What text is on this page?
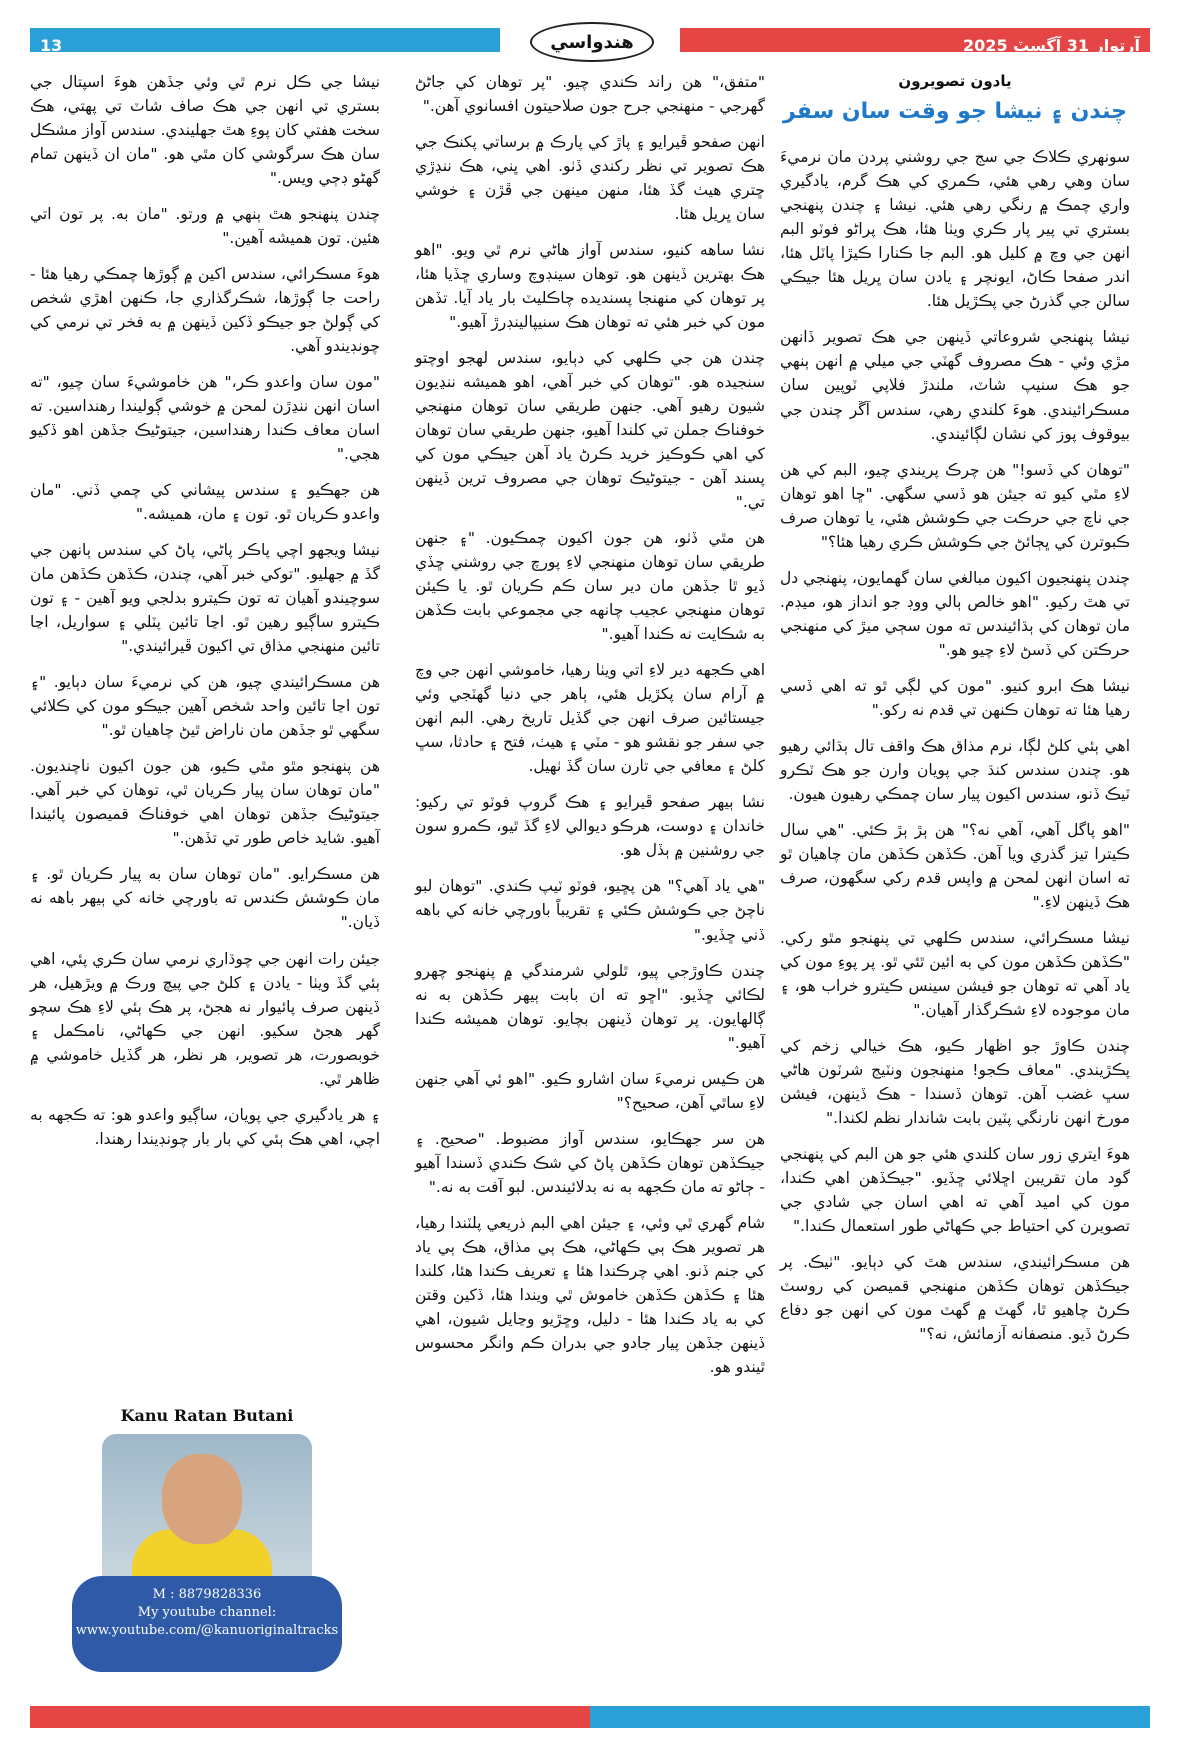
13	آرتوار 31 آگسٽ 2025
هندواسي
يادون تصويرون
چندن ۽ نيشا جو وقت سان سفر

سونهري ڪلاڪ جي سج جي روشني پردن مان نرميءَ سان وهي رهي هئي، ڪمري کي هڪ گرم، يادگيري واري چمڪ ۾ رنگي رهي هئي. نيشا ۽ چندن پنهنجي بستري تي پير پار ڪري ويٺا هئا، هڪ پراڻو فوٽو البم انهن جي وچ ۾ کليل هو. البم جا ڪنارا ڪيڙا پاٽل هئا، اندر صفحا ڪاڻ، ايونچر ۽ يادن سان ڀريل هئا جيڪي سالن جي گذرڻ جي پڪڙيل هئا.

نيشا پنهنجي شروعاتي ڏينهن جي هڪ تصوير ڏانهن مڙي وئي - هڪ مصروف گهٽي جي ميلي ۾ انهن ٻنهي جو هڪ سنيپ شاٽ، ملندڙ فلاپي ٽوپين سان مسڪرائيندي. هوءَ کلندي رهي، سندس آڱر چندن جي بيوقوف پوز کي نشان لڳائيندي.

"توهان کي ڏسو!" هن چرڪ پريندي چيو، البم کي هن لاءِ مٿي کيو ته جيئن هو ڏسي سگهي. "ڇا اهو توهان جي ناچ جي حرڪت جي ڪوشش هئي، يا توهان صرف ڪبوترن کي ڀڄائڻ جي ڪوشش ڪري رهيا هئا؟"

چندن پنهنجيون اکيون مبالغي سان گهمايون، پنهنجي دل تي هٿ رکيو. "اهو خالص ٻالي ووڊ جو انداز هو، ميڊم. مان توهان کي ٻڌائيندس ته مون سڄي ميڙ کي منهنجي حرڪتن کي ڏسڻ لاءِ چيو هو."

نيشا هڪ ابرو کنيو. "مون کي لڳي ٿو ته اهي ڏسي رهيا هئا ته توهان ڪنهن تي قدم نه رکو."

اهي ٻئي کلڻ لڳا، نرم مذاق هڪ واقف تال ٻڌائي رهيو هو. چندن سندس کنڌ جي پويان وارن جو هڪ ٽڪرو ٽيڪ ڏنو، سندس اکيون پيار سان چمڪي رهيون هيون.

"اهو پاگل آهي، آهي نه؟" هن ٻڙ ٻڙ ڪئي. "هي سال ڪيترا تيز گذري ويا آهن. ڪڏهن ڪڏهن مان چاهيان ٿو ته اسان انهن لمحن ۾ واپس قدم رکي سگهون، صرف هڪ ڏينهن لاءِ."

نيشا مسڪرائي، سندس ڪلهي تي پنهنجو مٿو رکي. "ڪڏهن ڪڏهن مون کي به ائين ٿئي ٿو. پر پوءِ مون کي ياد آهي ته توهان جو فيشن سينس ڪيترو خراب هو، ۽ مان موجوده لاءِ شڪرگذار آهيان."

چندن ڪاوڙ جو اظهار ڪيو، هڪ خيالي زخم کي پڪڙيندي. "معاف ڪجو! منهنجون ونٽيج شرٽون هاڻي سڀ غضب آهن. توهان ڏسندا - هڪ ڏينهن، فيشن مورخ انهن نارنگي پٽين بابت شاندار نظم لکندا."

هوءَ ايتري زور سان کلندي هئي جو هن البم کي پنهنجي گود مان تقريبن اڇلائي ڇڏيو. "جيڪڏهن اهي ڪندا، مون کي اميد آهي ته اهي اسان جي شادي جي تصويرن کي احتياط جي ڪهاڻي طور استعمال ڪندا."

هن مسڪرائيندي، سندس هٿ کي دٻايو. "ٺيڪ. پر جيڪڏهن توهان ڪڏهن منهنجي قميصن کي روسٽ ڪرڻ چاهيو ٿا، گهٽ ۾ گهٽ مون کي انهن جو دفاع ڪرڻ ڏيو. منصفانه آزمائش، نه؟"

"متفق،" هن راند ڪندي چيو. "پر توهان کي جاڻڻ گهرجي - منهنجي جرح جون صلاحيتون افسانوي آهن."

انهن صفحو ڦيرايو ۽ پاڙ کي پارڪ ۾ برساتي پکنڪ جي هڪ تصوير تي نظر رکندي ڏٺو. اهي ڀني، هڪ ننڍڙي ڇتري هيٺ گڏ هئا، منهن مينهن جي ڦڙن ۽ خوشي سان ڀريل هئا.

نشا ساهه کنيو، سندس آواز هاڻي نرم ٿي ويو. "اهو هڪ بهترين ڏينهن هو. توهان سينڊوچ وساري ڇڏيا هئا، پر توهان کي منهنجا پسنديده چاڪليٽ بار ياد آيا. تڏهن مون کي خبر هئي ته توهان هڪ سنيپالينڊرڙ آهيو."

چندن هن جي ڪلهي کي دٻايو، سندس لهجو اوچتو سنجيده هو. "توهان کي خبر آهي، اهو هميشه ننڍيون شيون رهيو آهي. جنهن طريقي سان توهان منهنجي خوفناڪ جملن تي کلندا آهيو، جنهن طريقي سان توهان کي اهي ڪوڪيز خريد ڪرڻ ياد آهن جيڪي مون کي پسند آهن - جيتوڻيڪ توهان جي مصروف ترين ڏينهن تي."

هن مٿي ڏٺو، هن جون اکيون چمڪيون. "۽ جنهن طريقي سان توهان منهنجي لاءِ پورچ جي روشني ڇڏي ڏيو ٿا جڏهن مان دير سان ڪم ڪريان ٿو. يا ڪيئن توهان منهنجي عجيب چانهه جي مجموعي بابت ڪڏهن به شڪايت نه ڪندا آهيو."

اهي ڪجهه دير لاءِ اتي ويٺا رهيا، خاموشي انهن جي وچ ۾ آرام سان پکڙيل هئي، ٻاهر جي دنيا گهٽجي وئي جيستائين صرف انهن جي گڏيل تاريخ رهي. البم انهن جي سفر جو نقشو هو - مٽي ۽ هيٺ، فتح ۽ حادثا، سڀ کلڻ ۽ معافي جي تارن سان گڏ ٺهيل.

نشا ٻيهر صفحو ڦيرايو ۽ هڪ گروپ فوٽو تي رکيو: خاندان ۽ دوست، هرڪو ديوالي لاءِ گڏ ٿيو، ڪمرو سون جي روشنين ۾ ٻڏل هو.

"هي ياد آهي؟" هن پڇيو، فوٽو ٽيپ ڪندي. "توهان لبو ناچڻ جي ڪوشش ڪئي ۽ تقريباً باورچي خانه کي باهه ڏني ڇڏيو."

چندن ڪاوڙجي پيو، ٿلولي شرمندگي ۾ پنهنجو چهرو لڪائي ڇڏيو. "اڇو ته ان بابت ٻيهر ڪڏهن به نه ڳالهايون. پر توهان ڏينهن بچايو. توهان هميشه ڪندا آهيو."

هن ڪيس نرميءَ سان اشارو ڪيو. "اهو ئي آهي جنهن لاءِ ساٿي آهن، صحيح؟"

هن سر جهڪايو، سندس آواز مضبوط. "صحيح. ۽ جيڪڏهن توهان ڪڏهن پاڻ کي شڪ ڪندي ڏسندا آهيو - ڄاڻو ته مان ڪجهه به نه بدلائيندس. لبو آفت به نه."

شام گهري ٿي وئي، ۽ جيئن اهي البم ذريعي پلٽندا رهيا، هر تصوير هڪ ٻي ڪهاڻي، هڪ ٻي مذاق، هڪ ٻي ياد کي جنم ڏنو. اهي چرڪندا هئا ۽ تعريف ڪندا هئا، کلندا هئا ۽ ڪڏهن ڪڏهن خاموش ٿي ويندا هئا، ڏکين وقتن کي به ياد ڪندا هئا - دليل، وڇڙيو وڃايل شيون، اهي ڏينهن جڏهن پيار جادو جي بدران ڪم وانگر محسوس ٿيندو هو.

نيشا جي ڪل نرم ٿي وئي جڏهن هوءَ اسپتال جي بستري تي انهن جي هڪ صاف شاٽ تي پهتي، هڪ سخت هفتي کان پوءِ هٿ جهليندي. سندس آواز مشڪل سان هڪ سرگوشي کان مٿي هو. "مان ان ڏينهن تمام گهڻو ڊڄي ويس."

چندن پنهنجو هٿ ٻنهي ۾ ورتو. "مان به. پر تون اتي هئين. تون هميشه آهين."

هوءَ مسڪرائي، سندس اکين ۾ ڳوڙها چمڪي رهيا هئا - راحت جا ڳوڙها، شڪرگذاري جا، ڪنهن اهڙي شخص کي ڳولڻ جو جيڪو ڏکين ڏينهن ۾ به فخر تي نرمي کي چونڊيندو آهي.

"مون سان واعدو ڪر،" هن خاموشيءَ سان چيو، "ته اسان انهن ننڍڙن لمحن ۾ خوشي ڳوليندا رهنداسين. ته اسان معاف ڪندا رهنداسين، جيتوڻيڪ جڏهن اهو ڏکيو هجي."

هن جهڪيو ۽ سندس پيشاني کي چمي ڏني. "مان واعدو ڪريان ٿو. تون ۽ مان، هميشه."

نيشا ويجهو اچي پاڪر پاڻي، پاڻ کي سندس ٻانهن جي گڏ ۾ جهليو. "توکي خبر آهي، چندن، ڪڏهن ڪڏهن مان سوچيندو آهيان ته تون ڪيترو بدلجي ويو آهين - ۽ تون ڪيترو ساڳيو رهين ٿو. اڃا تائين پٽلي ۽ سواريل، اڃا تائين منهنجي مذاق تي اکيون ڦيرائيندي."

هن مسڪرائيندي چيو، هن کي نرميءَ سان دٻايو. "۽ تون اڃا تائين واحد شخص آهين جيڪو مون کي ڪلائي سگهي ٿو جڏهن مان ناراض ٿيڻ چاهيان ٿو."

هن پنهنجو مٿو مٿي ڪيو، هن جون اکيون ناچنديون. "مان توهان سان پيار ڪريان ٿي، توهان کي خبر آهي. جيتوڻيڪ جڏهن توهان اهي خوفناڪ قميصون پائيندا آهيو. شايد خاص طور تي تڏهن."

هن مسڪرايو. "مان توهان سان به پيار ڪريان ٿو. ۽ مان ڪوشش ڪندس ته باورچي خانه کي ٻيهر باهه نه ڏيان."

جيئن رات انهن جي چوڌاري نرمي سان ڪري پئي، اهي ٻئي گڏ ويٺا - يادن ۽ کلڻ جي پيچ ورڪ ۾ ويڙهيل، هر ڏينهن صرف پائيوار نه هجڻ، پر هڪ ٻئي لاءِ هڪ سچو گهر هجڻ سکيو. انهن جي ڪهاڻي، نامڪمل ۽ خوبصورت، هر تصوير، هر نظر، هر گڏيل خاموشي ۾ ظاهر ٿي.

۽ هر يادگيري جي پويان، ساڳيو واعدو هو: ته ڪجهه به اچي، اهي هڪ ٻئي کي بار بار چونڊيندا رهندا.

Kanu Ratan Butani
M : 8879828336
My youtube channel:
www.youtube.com/@kanuoriginaltracks
